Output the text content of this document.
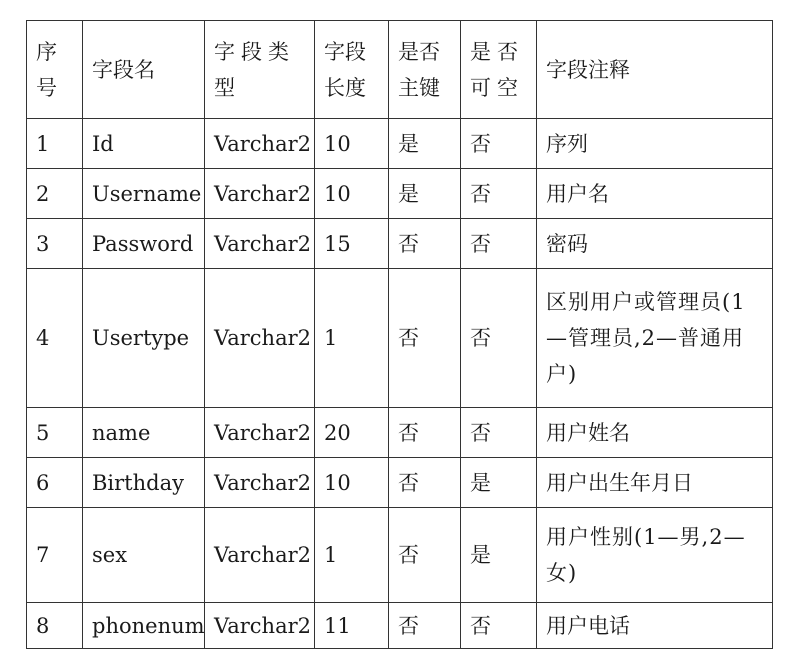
序号	字段名	字段类型	字段长度	是否主键	是否可空	字段注释
1	Id	Varchar2	10	是	否	序列
2	Username	Varchar2	10	是	否	用户名
3	Password	Varchar2	15	否	否	密码
4	Usertype	Varchar2	1	否	否	区别用户或管理员(1—管理员,2—普通用户)
5	name	Varchar2	20	否	否	用户姓名
6	Birthday	Varchar2	10	否	是	用户出生年月日
7	sex	Varchar2	1	否	是	用户性别(1—男,2—女)
8	phonenum	Varchar2	11	否	否	用户电话
